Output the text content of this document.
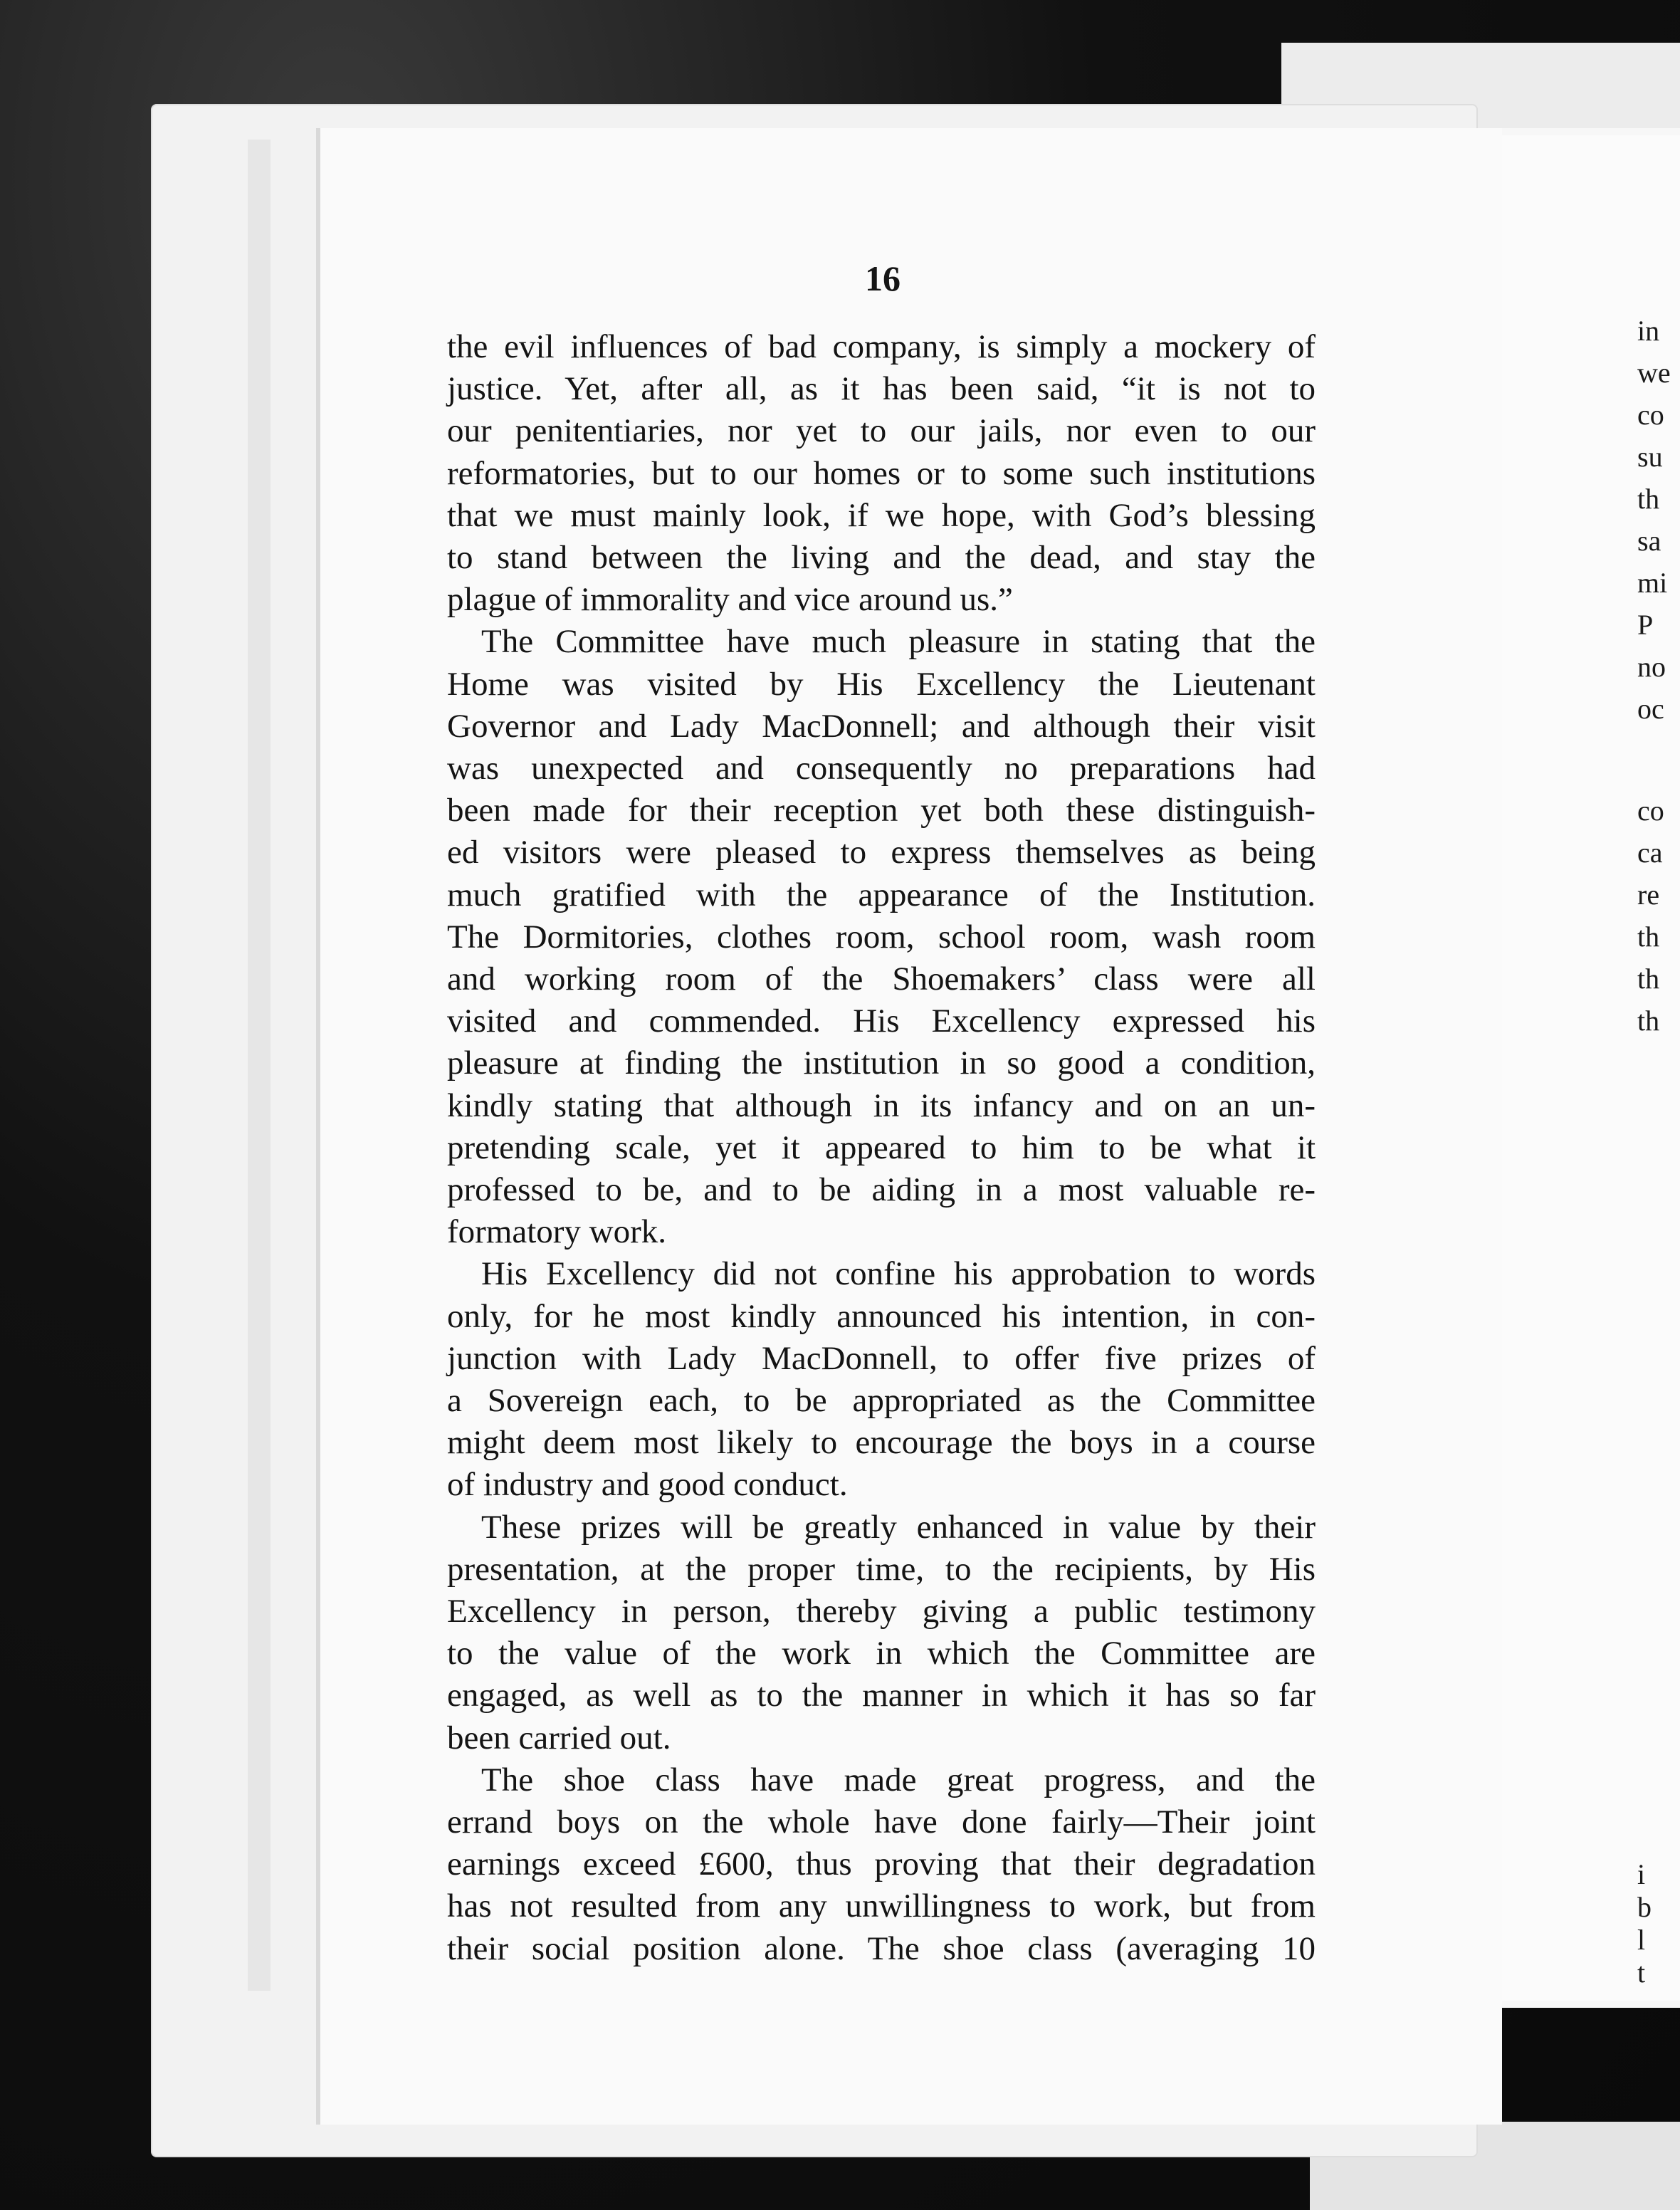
16
the evil influences of bad company, is simply a mockery of
justice. Yet, after all, as it has been said, “it is not to
our penitentiaries, nor yet to our jails, nor even to our
reformatories, but to our homes or to some such institutions
that we must mainly look, if we hope, with God’s blessing
to stand between the living and the dead, and stay the
plague of immorality and vice around us.”
The Committee have much pleasure in stating that the
Home was visited by His Excellency the Lieutenant
Governor and Lady MacDonnell; and although their visit
was unexpected and consequently no preparations had
been made for their reception yet both these distinguish-
ed visitors were pleased to express themselves as being
much gratified with the appearance of the Institution.
The Dormitories, clothes room, school room, wash room
and working room of the Shoemakers’ class were all
visited and commended. His Excellency expressed his
pleasure at finding the institution in so good a condition,
kindly stating that although in its infancy and on an un-
pretending scale, yet it appeared to him to be what it
professed to be, and to be aiding in a most valuable re-
formatory work.
His Excellency did not confine his approbation to words
only, for he most kindly announced his intention, in con-
junction with Lady MacDonnell, to offer five prizes of
a Sovereign each, to be appropriated as the Committee
might deem most likely to encourage the boys in a course
of industry and good conduct.
These prizes will be greatly enhanced in value by their
presentation, at the proper time, to the recipients, by His
Excellency in person, thereby giving a public testimony
to the value of the work in which the Committee are
engaged, as well as to the manner in which it has so far
been carried out.
The shoe class have made great progress, and the
errand boys on the whole have done fairly—Their joint
earnings exceed £600, thus proving that their degradation
has not resulted from any unwillingness to work, but from
their social position alone. The shoe class (averaging 10
in
we
co
su
th
sa
mi
P
no
oc
co
ca
re
th
th
th
i
b
l
t
